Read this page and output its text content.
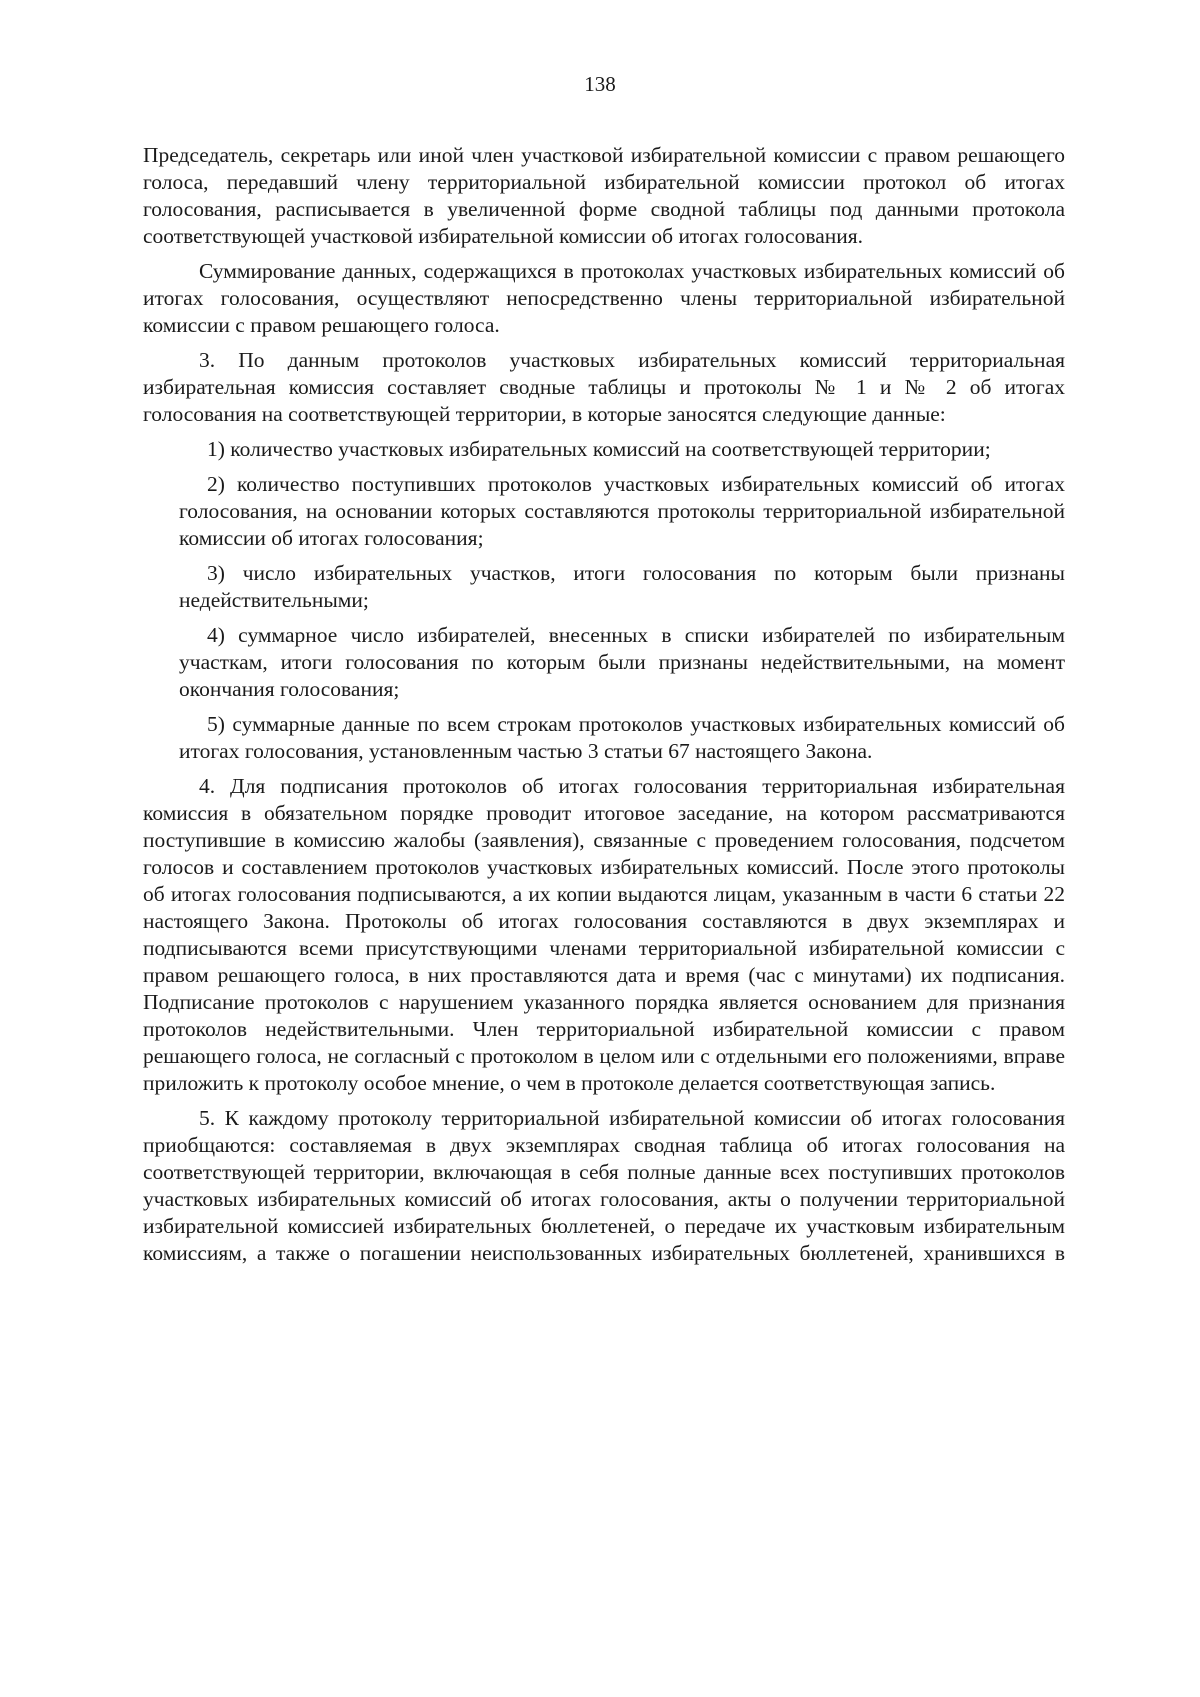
138

Председатель, секретарь или иной член участковой избирательной комиссии с правом решающего голоса, передавший члену территориальной избирательной комиссии протокол об итогах голосования, расписывается в увеличенной форме сводной таблицы под данными протокола соответствующей участковой избирательной комиссии об итогах голосования.

Суммирование данных, содержащихся в протоколах участковых избирательных комиссий об итогах голосования, осуществляют непосредственно члены территориальной избирательной комиссии с правом решающего голоса.

3. По данным протоколов участковых избирательных комиссий территориальная избирательная комиссия составляет сводные таблицы и протоколы № 1 и № 2 об итогах голосования на соответствующей территории, в которые заносятся следующие данные:

1) количество участковых избирательных комиссий на соответствующей территории;

2) количество поступивших протоколов участковых избирательных комиссий об итогах голосования, на основании которых составляются протоколы территориальной избирательной комиссии об итогах голосования;

3) число избирательных участков, итоги голосования по которым были признаны недействительными;

4) суммарное число избирателей, внесенных в списки избирателей по избирательным участкам, итоги голосования по которым были признаны недействительными, на момент окончания голосования;

5) суммарные данные по всем строкам протоколов участковых избирательных комиссий об итогах голосования, установленным частью 3 статьи 67 настоящего Закона.

4. Для подписания протоколов об итогах голосования территориальная избирательная комиссия в обязательном порядке проводит итоговое заседание, на котором рассматриваются поступившие в комиссию жалобы (заявления), связанные с проведением голосования, подсчетом голосов и составлением протоколов участковых избирательных комиссий. После этого протоколы об итогах голосования подписываются, а их копии выдаются лицам, указанным в части 6 статьи 22 настоящего Закона. Протоколы об итогах голосования составляются в двух экземплярах и подписываются всеми присутствующими членами территориальной избирательной комиссии с правом решающего голоса, в них проставляются дата и время (час с минутами) их подписания. Подписание протоколов с нарушением указанного порядка является основанием для признания протоколов недействительными. Член территориальной избирательной комиссии с правом решающего голоса, не согласный с протоколом в целом или с отдельными его положениями, вправе приложить к протоколу особое мнение, о чем в протоколе делается соответствующая запись.

5. К каждому протоколу территориальной избирательной комиссии об итогах голосования приобщаются: составляемая в двух экземплярах сводная таблица об итогах голосования на соответствующей территории, включающая в себя полные данные всех поступивших протоколов участковых избирательных комиссий об итогах голосования, акты о получении территориальной избирательной комиссией избирательных бюллетеней, о передаче их участковым избирательным комиссиям, а также о погашении неиспользованных избирательных бюллетеней, хранившихся в
